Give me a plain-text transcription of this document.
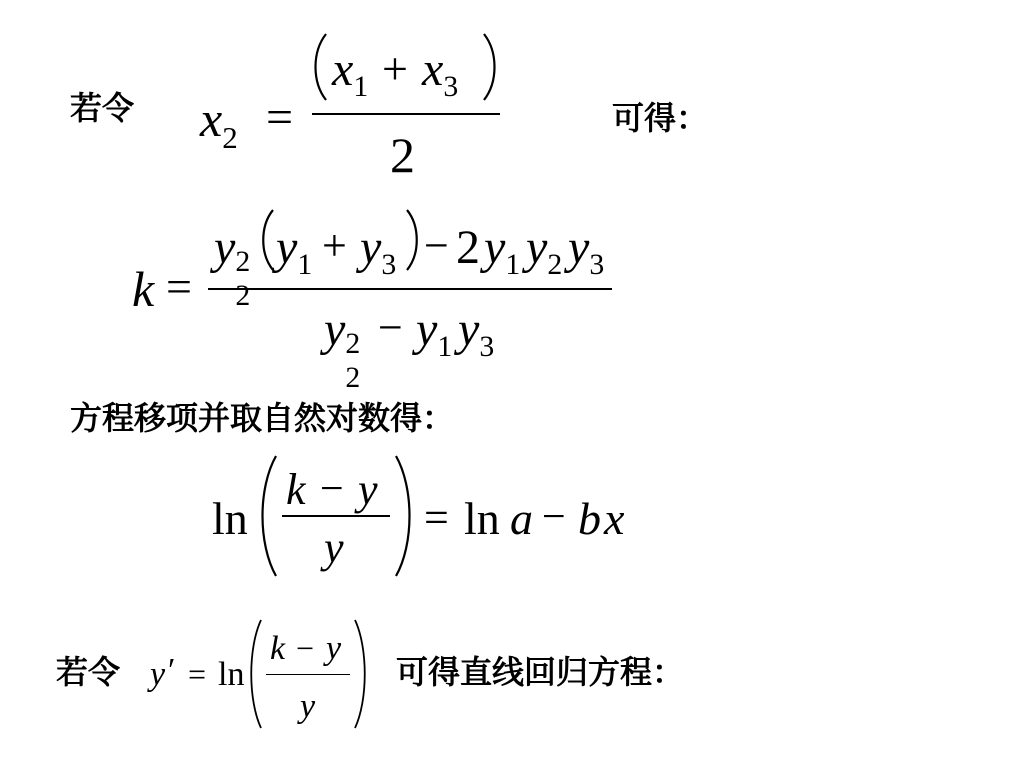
若令 $x_2$ =
$x_1 + x_3$
2
可得：
k =
y 2
2
$y_1 + y_3 - 2$ $y_1$ $y_2$ $y_3$
y 2
2
− $y_1$ $y_3$
方程移项并取自然对数得：
ln
k − y
y
= ln a − b x
若令 y ′ = ln
k − y
y
可得直线回归方程：
